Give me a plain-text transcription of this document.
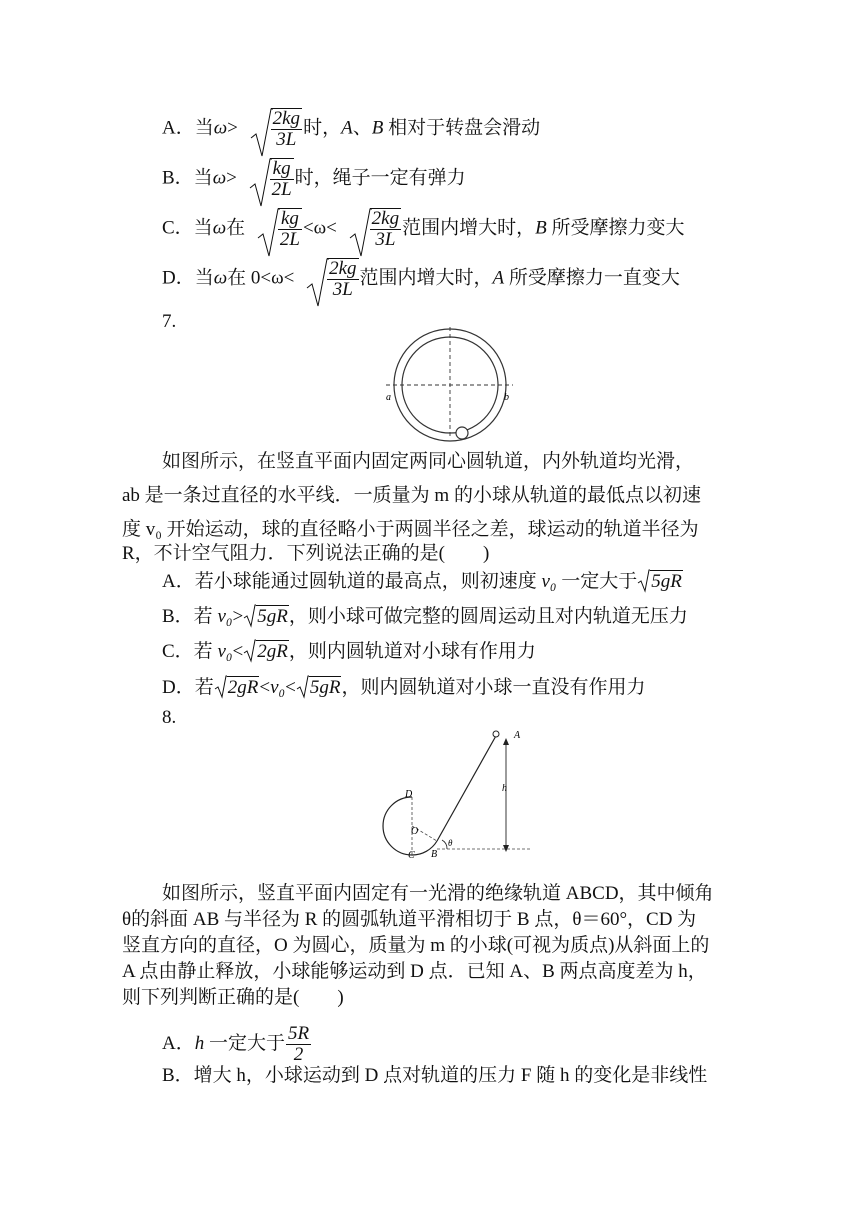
A．当$\omega> \frac{2kg}{3L}$ 时，A、B 相对于转盘会滑动
B．当$\omega> \frac{kg}{2L}$ 时，绳子一定有弹力
C．当ω在 $\frac{kg}{2L} <\omega< \frac{2kg}{3L}$ 范围内增大时，B 所受摩擦力变大
D．当ω在 $0<\omega< \frac{2kg}{3L}$ 范围内增大时，A 所受摩擦力一直变大
7.
a	b
如图所示，在竖直平面内固定两同心圆轨道，内外轨道均光滑，
ab 是一条过直径的水平线．一质量为 m 的小球从轨道的最低点以初速
度 v₀ 开始运动，球的直径略小于两圆半径之差，球运动的轨道半径为
R，不计空气阻力．下列说法正确的是(　　)
A．若小球能通过圆轨道的最高点，则初速度 v₀ 一定大于 5gR
B．若 v₀> 5gR，则小球可做完整的圆周运动且对内轨道无压力
C．若 v₀< 2gR，则内圆轨道对小球有作用力
D．若 2gR<v₀< 5gR，则内圆轨道对小球一直没有作用力
8.
A
h
D
O
θ
B
C
如图所示，竖直平面内固定有一光滑的绝缘轨道 ABCD，其中倾角
θ的斜面 AB 与半径为 R 的圆弧轨道平滑相切于 B 点，θ＝60°，CD 为
竖直方向的直径，O 为圆心，质量为 m 的小球(可视为质点)从斜面上的
A 点由静止释放，小球能够运动到 D 点．已知 A、B 两点高度差为 h，
则下列判断正确的是(　　)
A．h 一定大于 $\frac{5R}{2}$
B．增大 h，小球运动到 D 点对轨道的压力 F 随 h 的变化是非线性
